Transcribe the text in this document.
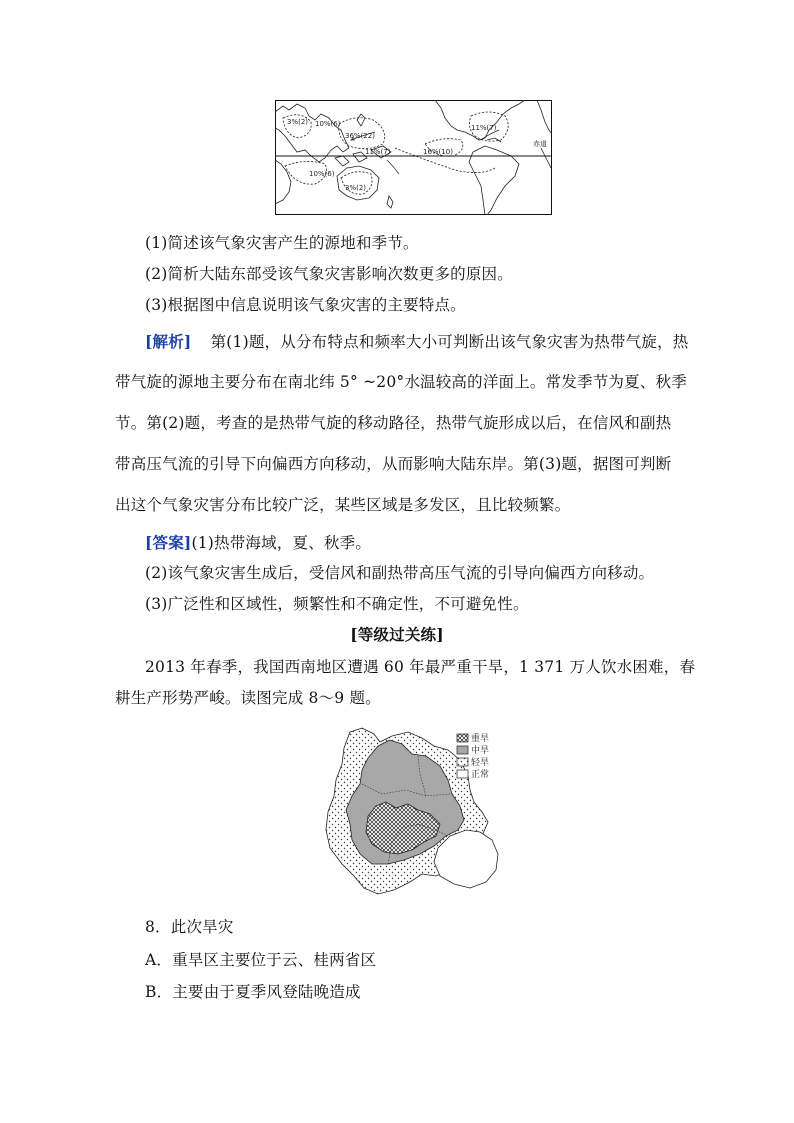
3%(2) 10%(6)
36%(22)
11%(7)
11%(7)	16%(10)
10%(6)
3%(2)
赤道
(1)简述该气象灾害产生的源地和季节。
(2)简析大陆东部受该气象灾害影响次数更多的原因。
(3)根据图中信息说明该气象灾害的主要特点。
[解析] 第(1)题，从分布特点和频率大小可判断出该气象灾害为热带气旋，热
带气旋的源地主要分布在南北纬 5° ~20°水温较高的洋面上。常发季节为夏、秋季
节。第(2)题，考查的是热带气旋的移动路径，热带气旋形成以后，在信风和副热
带高压气流的引导下向偏西方向移动，从而影响大陆东岸。第(3)题，据图可判断
出这个气象灾害分布比较广泛，某些区域是多发区，且比较频繁。
[答案](1)热带海域，夏、秋季。
(2)该气象灾害生成后，受信风和副热带高压气流的引导向偏西方向移动。
(3)广泛性和区域性，频繁性和不确定性，不可避免性。
[等级过关练]
2013 年春季，我国西南地区遭遇 60 年最严重干旱，1 371 万人饮水困难，春
耕生产形势严峻。读图完成 8～9 题。
重旱
中旱
轻旱
正常
8．此次旱灾
A．重旱区主要位于云、桂两省区
B．主要由于夏季风登陆晚造成
